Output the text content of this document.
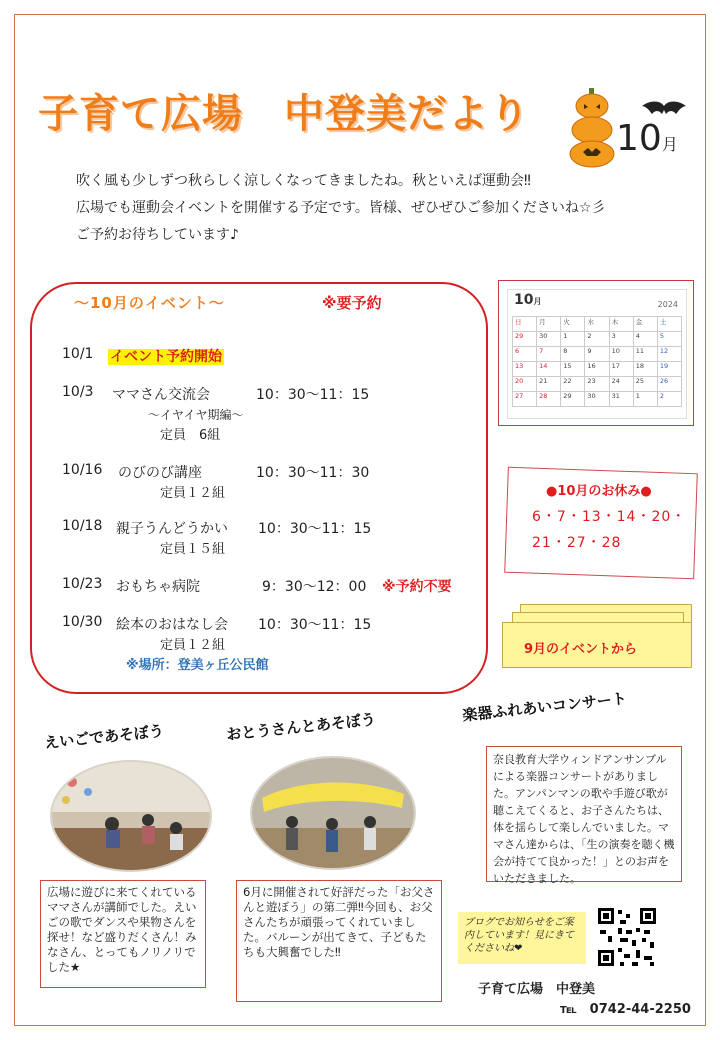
子育て広場　中登美だより
10月
吹く風も少しずつ秋らしく涼しくなってきましたね。秋といえば運動会‼
広場でも運動会イベントを開催する予定です。皆様、ぜひぜひご参加くださいね☆彡
ご予約お待ちしています♪
～10月のイベント～	※要予約
10/1 イベント予約開始
10/3 ママさん交流会	10：30～11：15
～イヤイヤ期編～
定員　6組
10/16 のびのび講座	10：30～11：30
定員１２組
10/18 親子うんどうかい 10：30～11：15
定員１５組
10/23 おもちゃ病院	9：30～12：00 ※予約不要
10/30 絵本のおはなし会 10：30～11：15
定員１２組
※場所：登美ヶ丘公民館
10月	2024
日	月	火	水	木	金	土
29	30	1	2	3	4	5
6	7	8	9	10	11	12
13	14	15	16	17	18	19
20	21	22	23	24	25	26
27	28	29	30	31	1	2
●10月のお休み●
6・7・13・14・20・
21・27・28
9月のイベントから
えいごであそぼう
広場に遊びに来てくれているママさんが講師でした。えいごの歌でダンスや果物さんを探せ！など盛りだくさん！みなさん、とってもノリノリでした★
おとうさんとあそぼう
6月に開催されて好評だった「お父さんと遊ぼう」の第二弾‼今回も、お父さんたちが頑張ってくれていました。バルーンが出てきて、子どもたちも大興奮でした‼
楽器ふれあいコンサート
奈良教育大学ウィンドアンサンブルによる楽器コンサートがありました。アンパンマンの歌や手遊び歌が聴こえてくると、お子さんたちは、体を揺らして楽しんでいました。ママさん達からは、「生の演奏を聴く機会が持てて良かった！」とのお声をいただきました。
ブログでお知らせをご案内しています！見にきてくださいね❤
子育て広場　中登美
℡　 0742-44-2250
